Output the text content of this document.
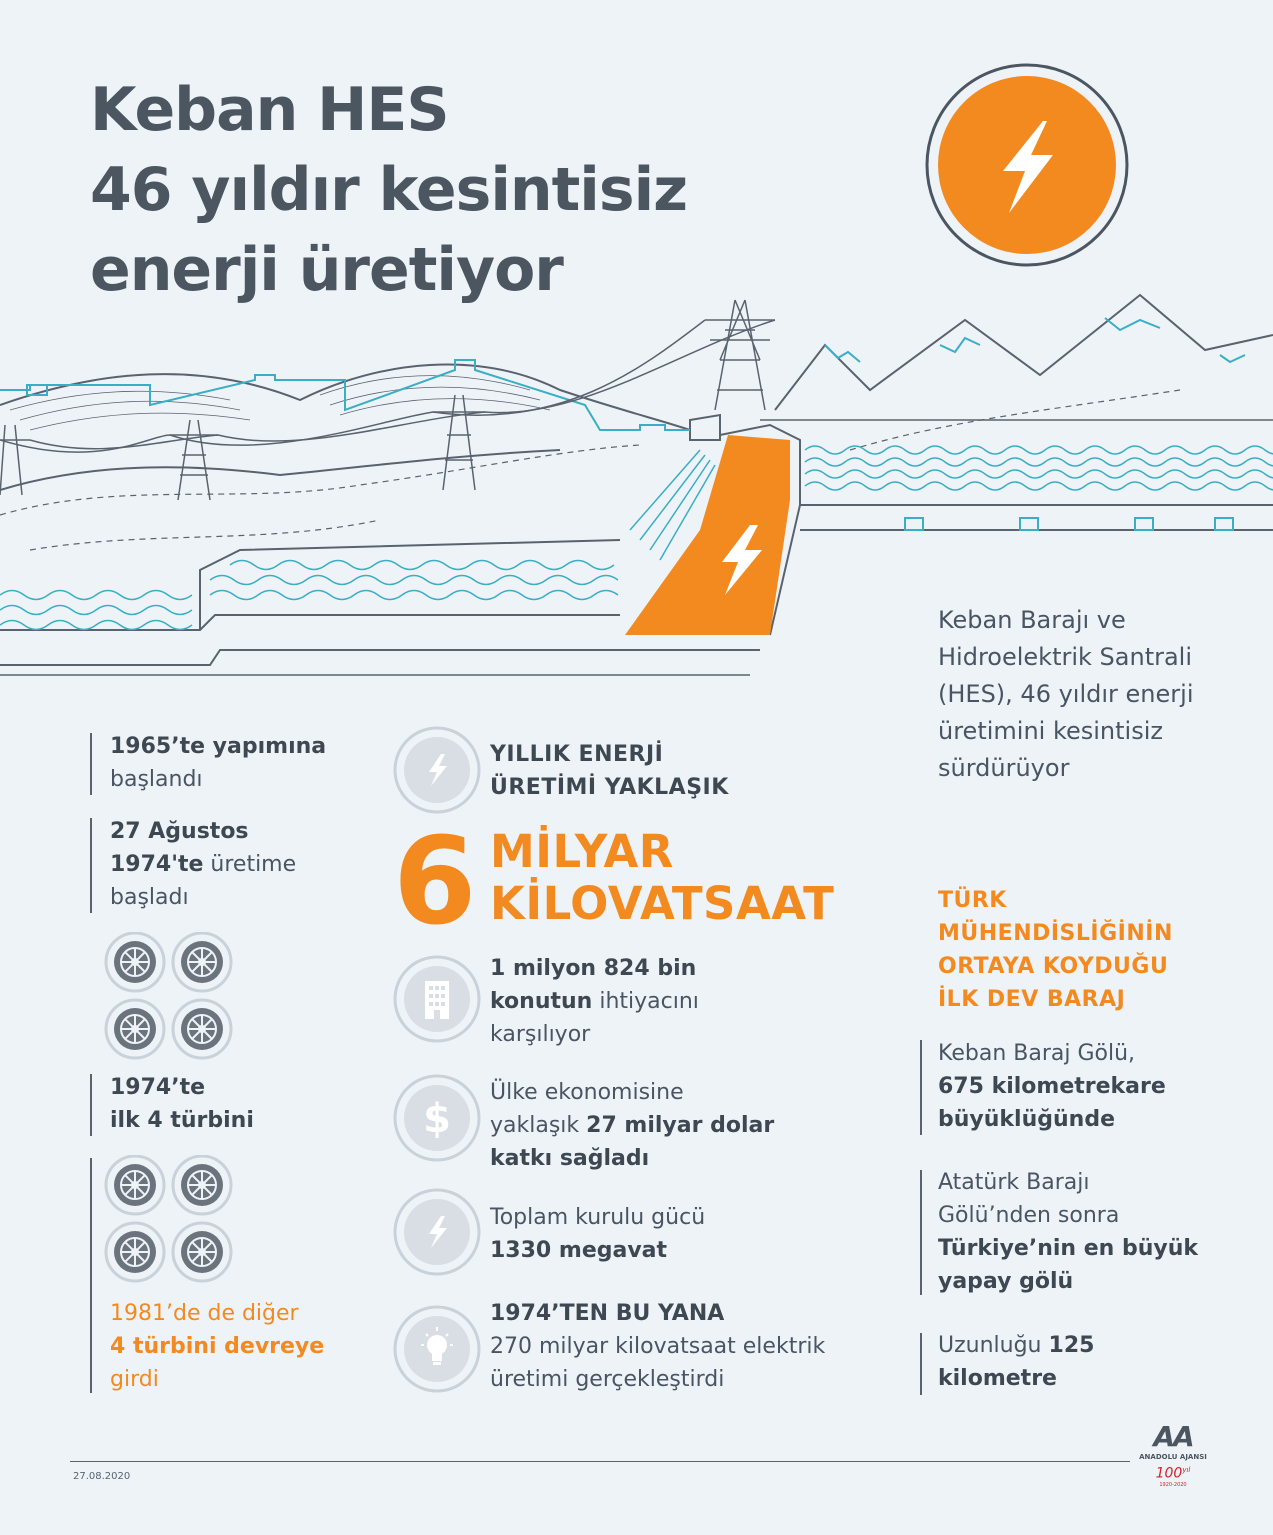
Keban HES
46 yıldır kesintisiz
enerji üretiyor
Keban Barajı ve Hidroelektrik Santrali (HES), 46 yıldır enerji üretimini kesintisiz sürdürüyor
1965’te yapımına
başlandı
27 Ağustos
1974'te üretime
başladı
1974’te
ilk 4 türbini
1981’de de diğer
4 türbini devreye
girdi
YILLIK ENERJİ
ÜRETİMİ YAKLAŞIK
6 MİLYAR
KİLOVATSAAT
1 milyon 824 bin
konutun ihtiyacını
karşılıyor
$
Ülke ekonomisine
yaklaşık 27 milyar dolar
katkı sağladı
Toplam kurulu gücü
1330 megavat
1974’TEN BU YANA
270 milyar kilovatsaat elektrik
üretimi gerçekleştirdi
TÜRK
MÜHENDİSLİĞİNİN
ORTAYA KOYDUĞU
İLK DEV BARAJ
Keban Baraj Gölü,
675 kilometrekare
büyüklüğünde
Atatürk Barajı
Gölü’nden sonra
Türkiye’nin en büyük
yapay gölü
Uzunluğu 125
kilometre
27.08.2020
AA
ANADOLU AJANSI
$100^{yıl}$
1920-2020
